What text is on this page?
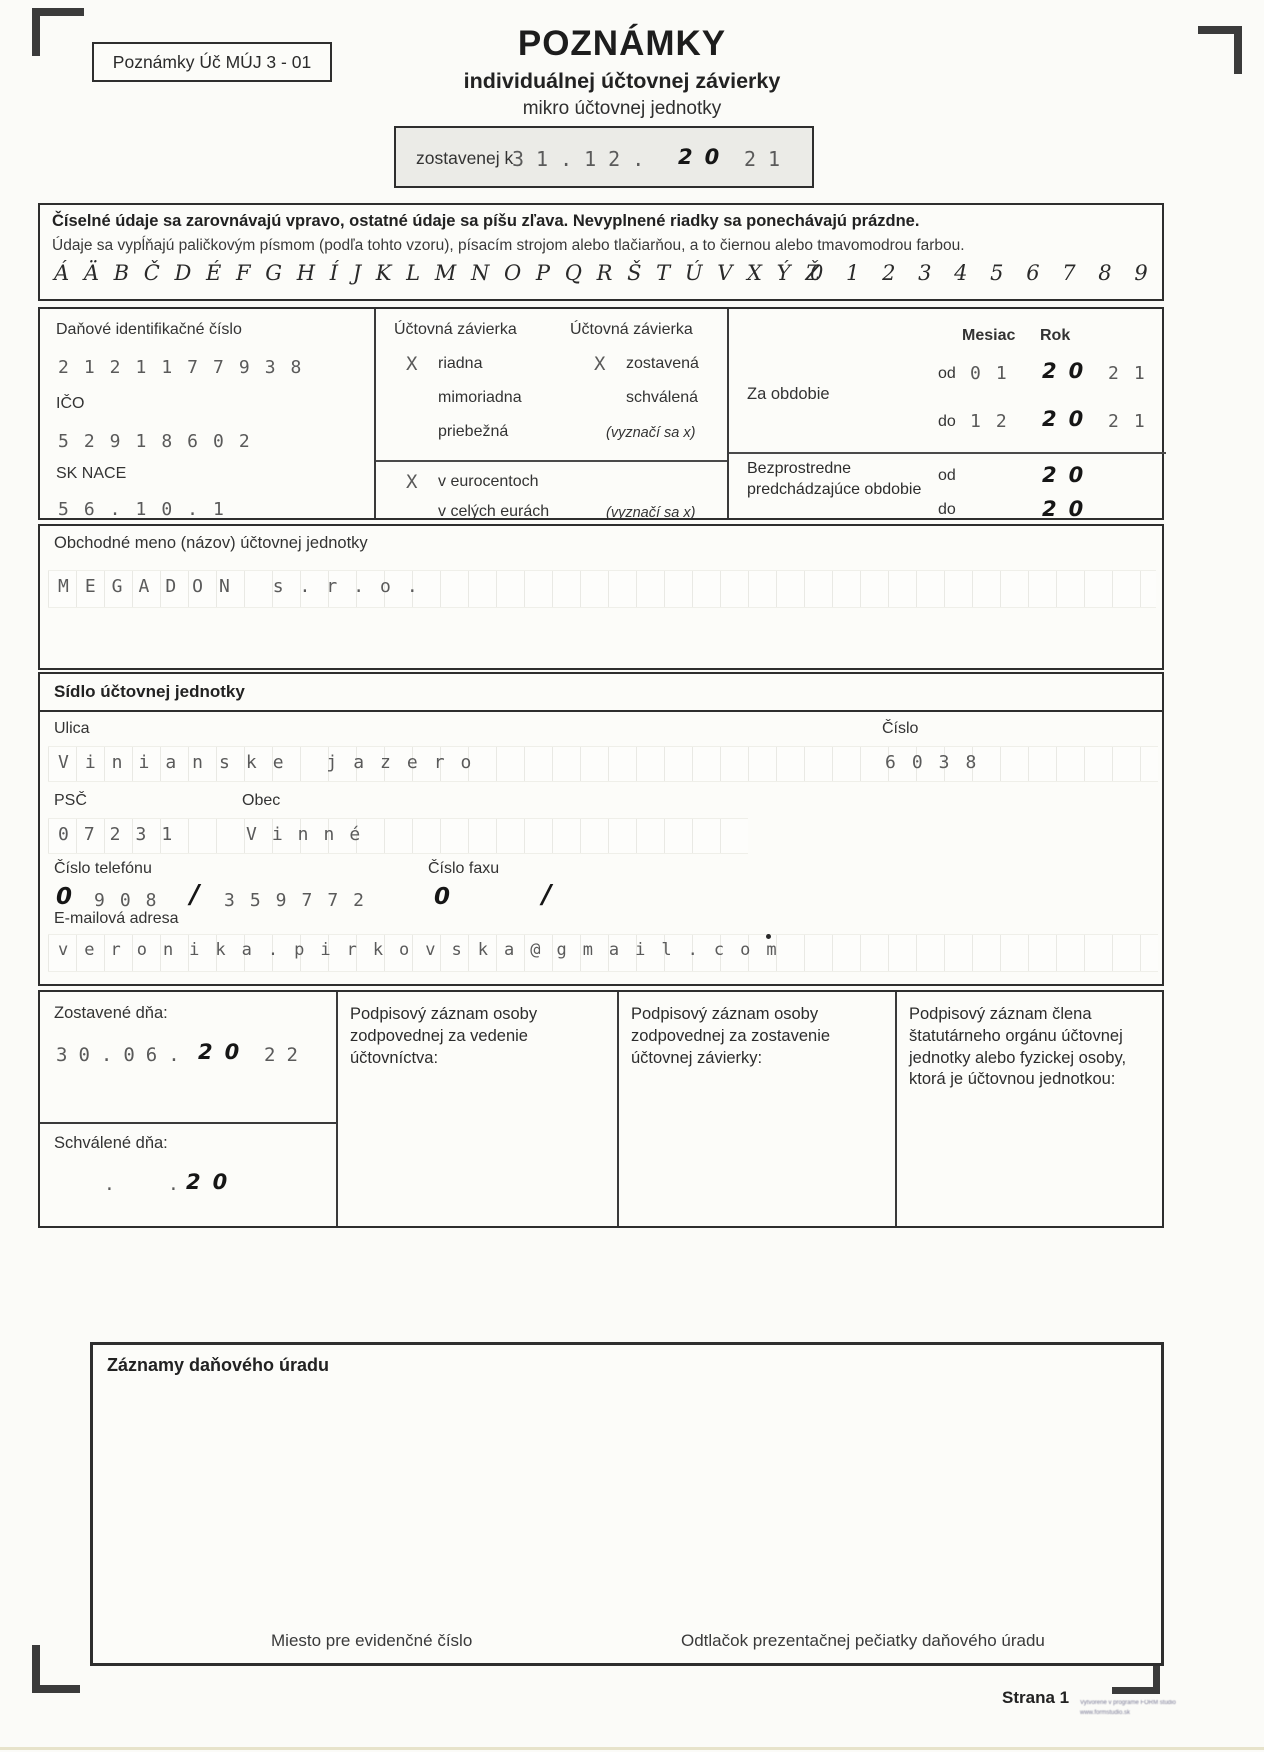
Poznámky Úč MÚJ 3 - 01	POZNÁMKY
individuálnej účtovnej závierky
mikro účtovnej jednotky
zostavenej k
31.12. 20 21
Číselné údaje sa zarovnávajú vpravo, ostatné údaje sa píšu zľava. Nevyplnené riadky sa ponechávajú prázdne.
Údaje sa vypĺňajú paličkovým písmom (podľa tohto vzoru), písacím strojom alebo tlačiarňou, a to čiernou alebo tmavomodrou farbou.
Á Ä B Č D É F G H Í J K L M N O P Q R Š T Ú V X Ý Ž
0 1 2 3 4 5 6 7 8 9
Daňové identifikačné číslo
2121177938
IČO
52918602
SK NACE
56.10.1
Účtovná závierka	Účtovná závierka
X riadna
mimoriadna
priebežná
X zostavená
schválená
(vyznačí sa x)
X v eurocentoch
v celých eurách	(vyznačí sa x)
Mesiac Rok
Za obdobie
od 01 20 21
do 12 20 21
Bezprostredne predchádzajúce obdobie
od	20
do	20
Obchodné meno (názov) účtovnej jednotky
MEGADON s.r.o.
Sídlo účtovnej jednotky
Ulica	Číslo
Vinianske jazero	6038
PSČ	Obec
07231	Vinné
Číslo telefónu	Číslo faxu
0 908 / 359772 0	/
E-mailová adresa
veronika.pirkovska@gmail.com
Zostavené dňa:
30.06. 20 22
Schválené dňa:
.	. 20
Podpisový záznam osoby zodpovednej za vedenie účtovníctva:
Podpisový záznam osoby zodpovednej za zostavenie účtovnej závierky:
Podpisový záznam člena štatutárneho orgánu účtovnej jednotky alebo fyzickej osoby, ktorá je účtovnou jednotkou:
Záznamy daňového úradu
Miesto pre evidenčné číslo	Odtlačok prezentačnej pečiatky daňového úradu
Strana 1 Vytvorené v programe FORM studio
www.formstudio.sk
